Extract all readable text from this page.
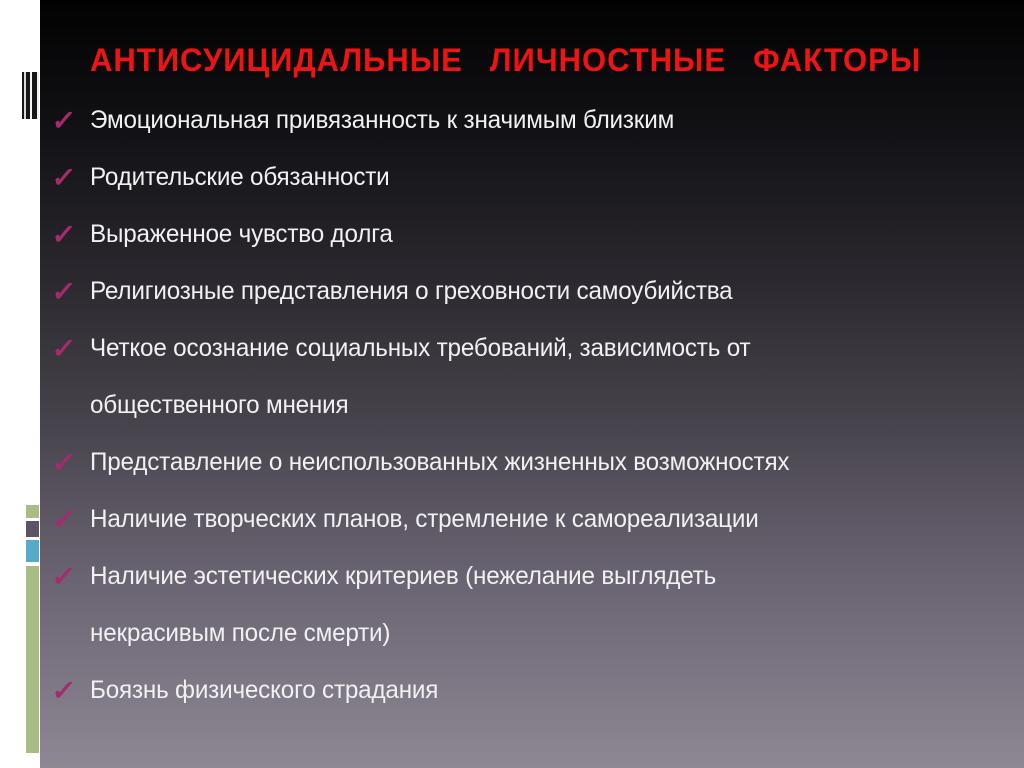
АНТИСУИЦИДАЛЬНЫЕ ЛИЧНОСТНЫЕ ФАКТОРЫ
✓ Эмоциональная привязанность к значимым близким
✓ Родительские обязанности
✓ Выраженное чувство долга
✓ Религиозные представления о греховности самоубийства
✓ Четкое осознание социальных требований, зависимость от
общественного мнения
✓ Представление о неиспользованных жизненных возможностях
✓ Наличие творческих планов, стремление к самореализации
✓ Наличие эстетических критериев (нежелание выглядеть
некрасивым после смерти)
✓ Боязнь физического страдания
